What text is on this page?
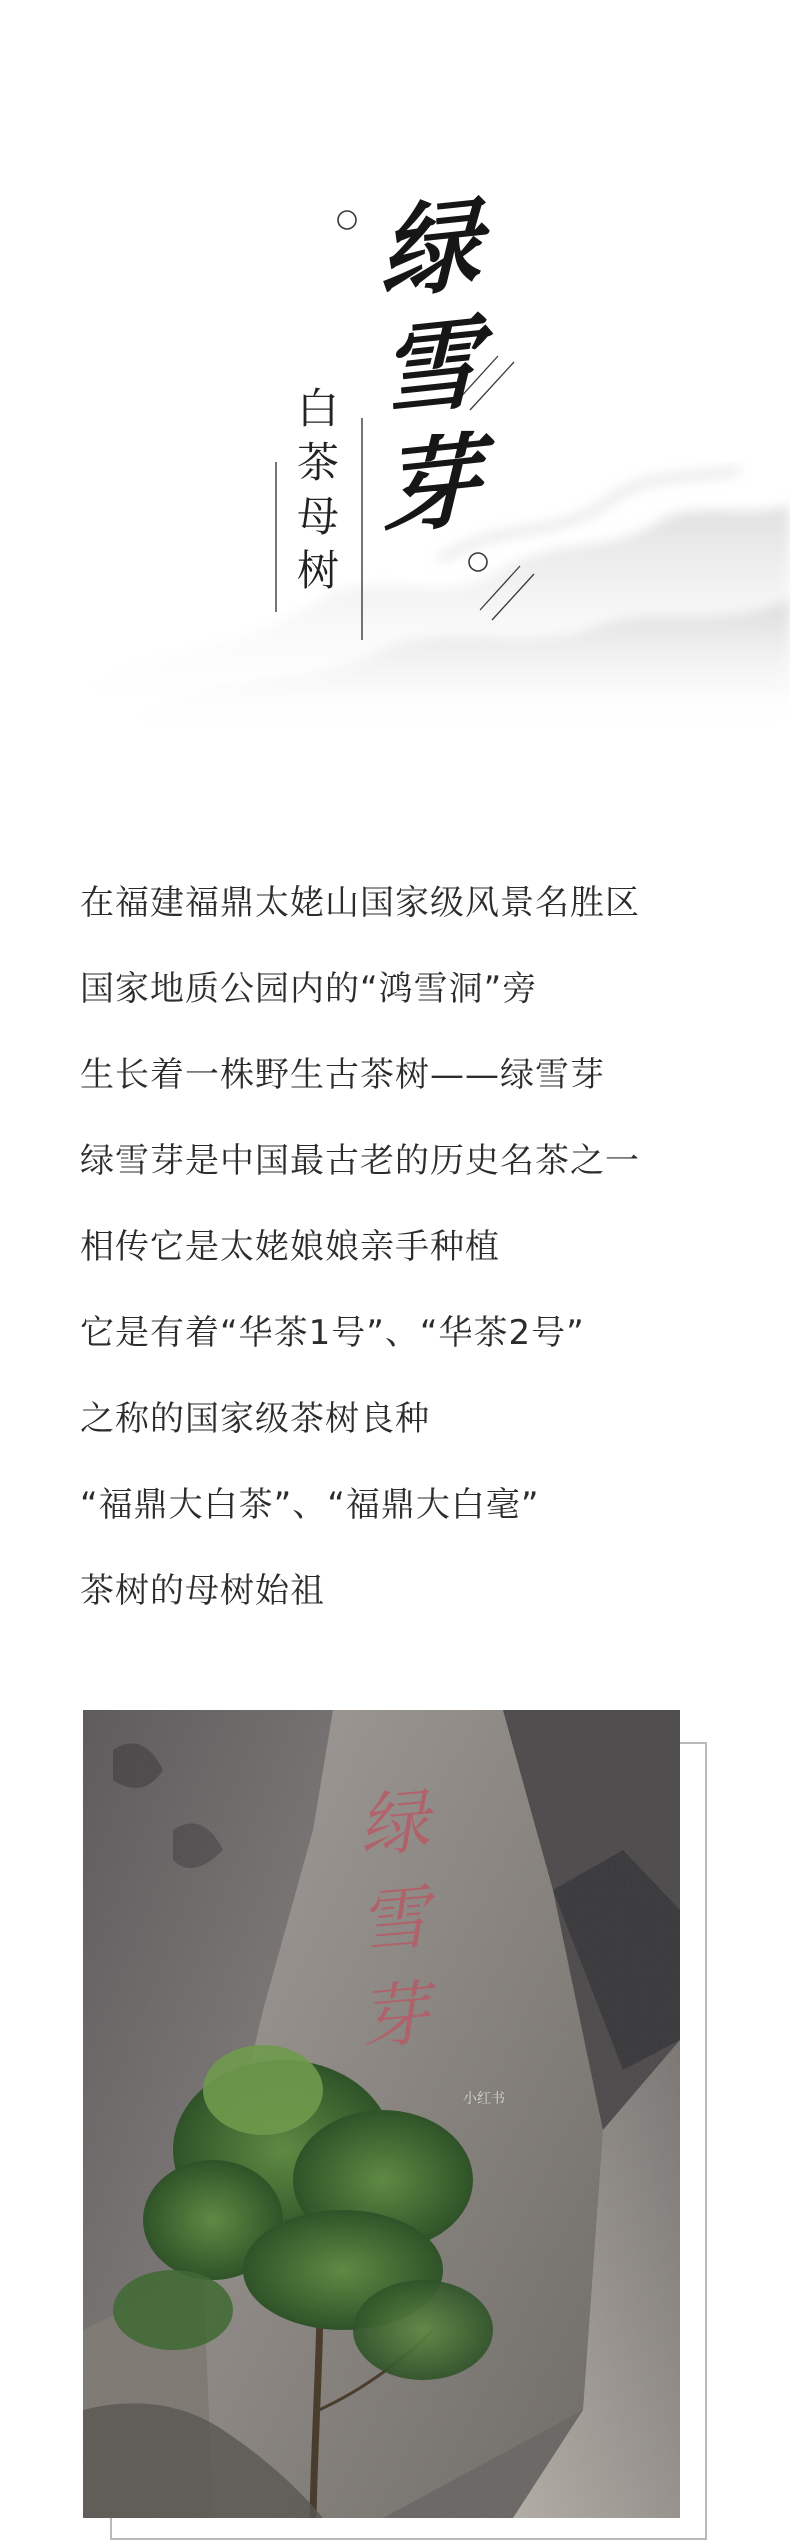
绿
雪
芽
白
茶
母
树
在福建福鼎太姥山国家级风景名胜区
国家地质公园内的“鸿雪洞”旁
生长着一株野生古茶树——绿雪芽
绿雪芽是中国最古老的历史名茶之一
相传它是太姥娘娘亲手种植
它是有着“华茶1号”、“华茶2号”
之称的国家级茶树良种
“福鼎大白茶”、“福鼎大白毫”
茶树的母树始祖
绿
雪
芽
小红书
